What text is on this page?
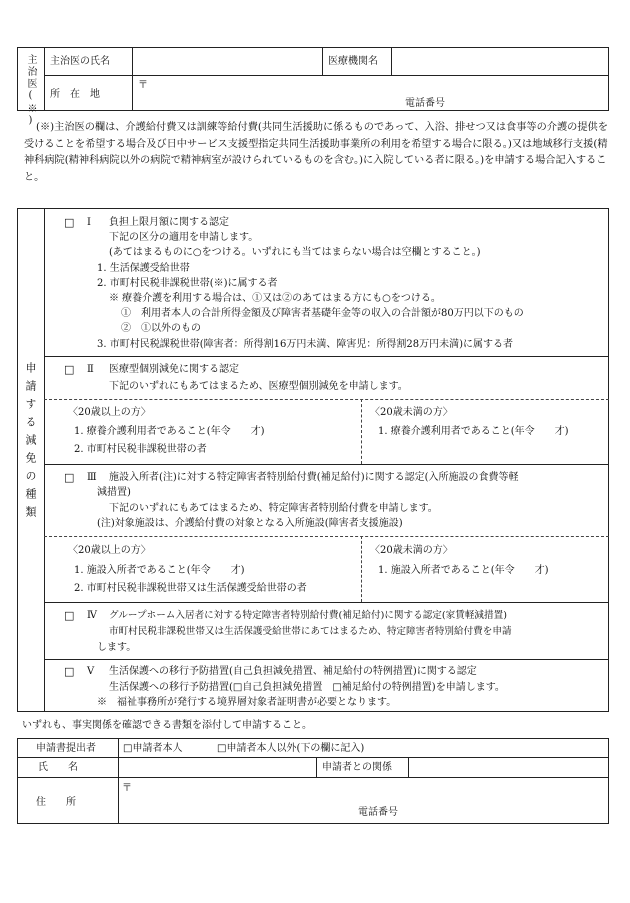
主治医(※) 主治医の氏名	医療機関名
所　在　地
〒
電話番号
(※)主治医の欄は、介護給付費又は訓練等給付費(共同生活援助に係るものであって、入浴、排せつ又は食事等の介護の提供を受けることを希望する場合及び日中サービス支援型指定共同生活援助事業所の利用を希望する場合に限る。)又は地域移行支援(精神科病院(精神科病院以外の病院で精神病室が設けられているものを含む。)に入院している者に限る。)を申請する場合記入すること。
申請する減免の種類
□ Ⅰ 負担上限月額に関する認定
下記の区分の適用を申請します。
(あてはまるものに○をつける。いずれにも当てはまらない場合は空欄とすること。)
1. 生活保護受給世帯
2. 市町村民税非課税世帯(※)に属する者
※ 療養介護を利用する場合は、①又は②のあてはまる方にも○をつける。
①　利用者本人の合計所得金額及び障害者基礎年金等の収入の合計額が80万円以下のもの
②　①以外のもの
3. 市町村民税課税世帯(障害者：所得割16万円未満、障害児：所得割28万円未満)に属する者
□ Ⅱ 医療型個別減免に関する認定
下記のいずれにもあてはまるため、医療型個別減免を申請します。
〈20歳以上の方〉
1. 療養介護利用者であること(年令　　才)
2. 市町村民税非課税世帯の者
〈20歳未満の方〉
1. 療養介護利用者であること(年令　　才)
□ Ⅲ 施設入所者(注)に対する特定障害者特別給付費(補足給付)に関する認定(入所施設の食費等軽
減措置)
下記のいずれにもあてはまるため、特定障害者特別給付費を申請します。
(注)対象施設は、介護給付費の対象となる入所施設(障害者支援施設)
〈20歳以上の方〉
1. 施設入所者であること(年令　　才)
2. 市町村民税非課税世帯又は生活保護受給世帯の者
〈20歳未満の方〉
1. 施設入所者であること(年令　　才)
□ Ⅳ グループホーム入居者に対する特定障害者特別給付費(補足給付)に関する認定(家賃軽減措置)
市町村民税非課税世帯又は生活保護受給世帯にあてはまるため、特定障害者特別給付費を申請
します。
□ Ⅴ 生活保護への移行予防措置(自己負担減免措置、補足給付の特例措置)に関する認定
生活保護への移行予防措置(□自己負担減免措置　□補足給付の特例措置)を申請します。
※　福祉事務所が発行する境界層対象者証明書が必要となります。
いずれも、事実関係を確認できる書類を添付して申請すること。
申請書提出者	□申請者本人	□申請者本人以外(下の欄に記入)
氏　　名	申請者との関係
住　　所
〒
電話番号
